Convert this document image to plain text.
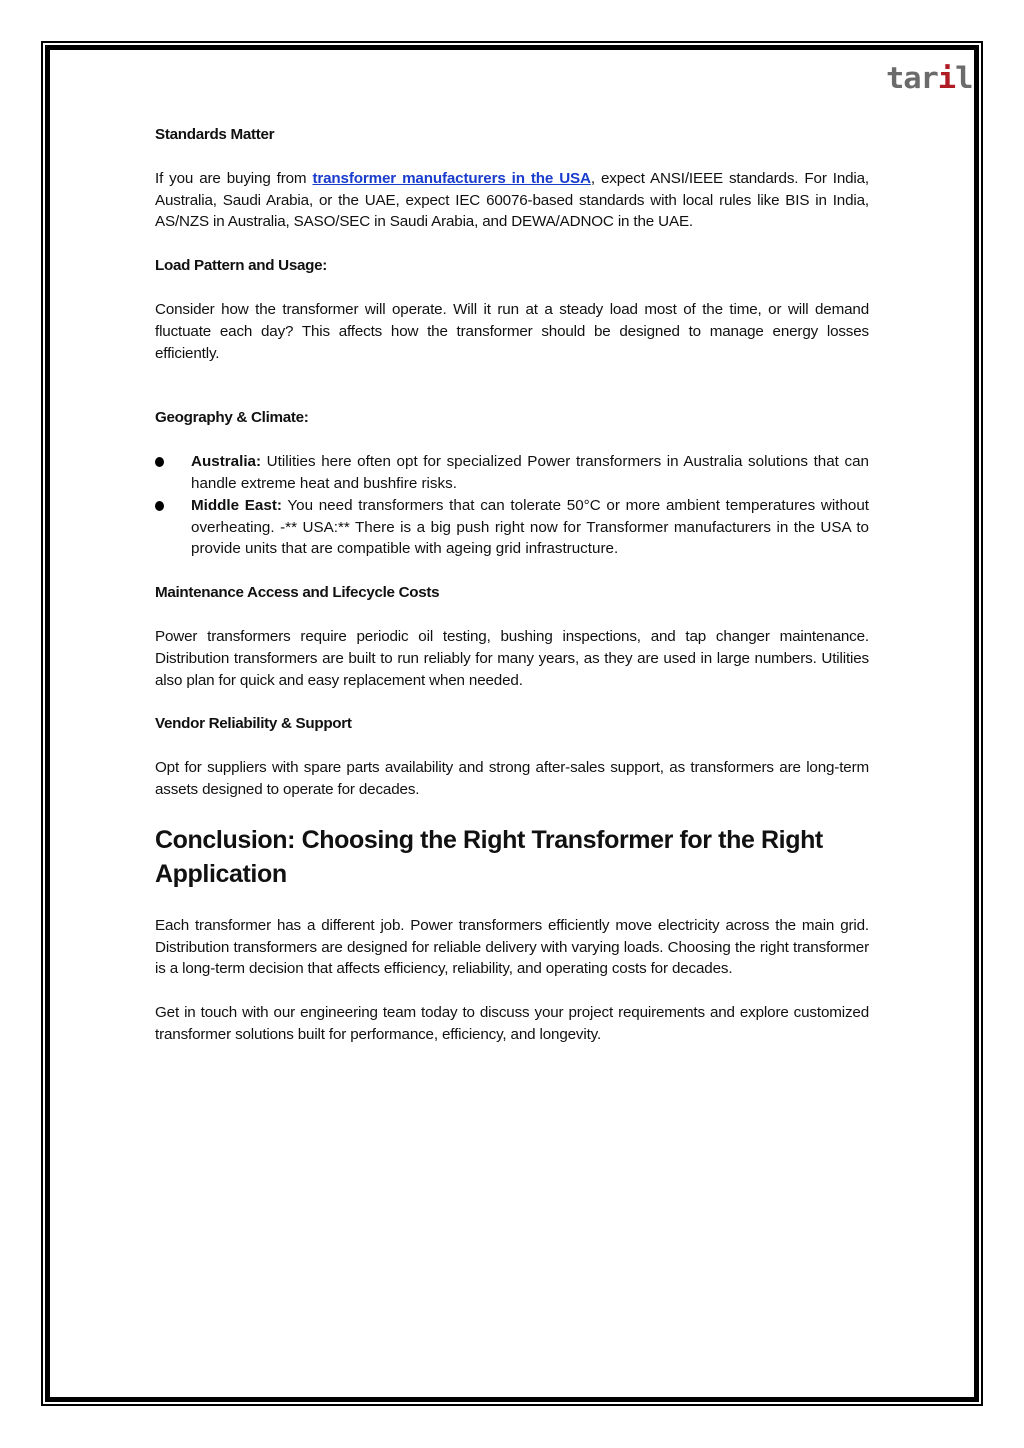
taril
Standards Matter

If you are buying from transformer manufacturers in the USA, expect ANSI/IEEE standards. For India, Australia, Saudi Arabia, or the UAE, expect IEC 60076-based standards with local rules like BIS in India, AS/NZS in Australia, SASO/SEC in Saudi Arabia, and DEWA/ADNOC in the UAE.

Load Pattern and Usage:

Consider how the transformer will operate. Will it run at a steady load most of the time, or will demand fluctuate each day? This affects how the transformer should be designed to manage energy losses efficiently.

Geography & Climate:
Australia: Utilities here often opt for specialized Power transformers in Australia solutions that can handle extreme heat and bushfire risks.
Middle East: You need transformers that can tolerate 50°C or more ambient temperatures without overheating. -** USA:** There is a big push right now for Transformer manufacturers in the USA to provide units that are compatible with ageing grid infrastructure.
Maintenance Access and Lifecycle Costs

Power transformers require periodic oil testing, bushing inspections, and tap changer maintenance. Distribution transformers are built to run reliably for many years, as they are used in large numbers. Utilities also plan for quick and easy replacement when needed.

Vendor Reliability & Support

Opt for suppliers with spare parts availability and strong after-sales support, as transformers are long-term assets designed to operate for decades.

Conclusion: Choosing the Right Transformer for the Right Application

Each transformer has a different job. Power transformers efficiently move electricity across the main grid. Distribution transformers are designed for reliable delivery with varying loads. Choosing the right transformer is a long-term decision that affects efficiency, reliability, and operating costs for decades.

Get in touch with our engineering team today to discuss your project requirements and explore customized transformer solutions built for performance, efficiency, and longevity.
